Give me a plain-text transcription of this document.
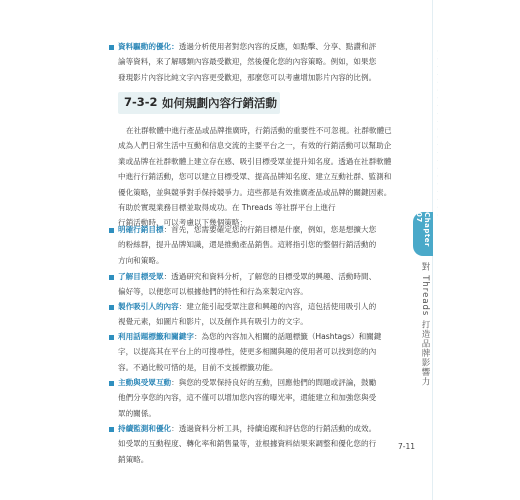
· · · · · · · · · · · · · · · · · · · · · ·
資料驅動的優化：透過分析使用者對您內容的反應，如點擊、分享、點讚和評
論等資料，來了解哪類內容最受歡迎，然後優化您的內容策略。例如，如果您
發現影片內容比純文字內容更受歡迎，那麼您可以考慮增加影片內容的比例。
7-3-2 如何規劃內容行銷活動
在社群軟體中進行產品或品牌推廣時，行銷活動的重要性不可忽視。社群軟體已
成為人們日常生活中互動和信息交流的主要平台之一，有效的行銷活動可以幫助企
業或品牌在社群軟體上建立存在感、吸引目標受眾並提升知名度。透過在社群軟體
中進行行銷活動，您可以建立目標受眾、提高品牌知名度、建立互動社群、監測和
優化策略，並與競爭對手保持競爭力。這些都是有效推廣產品或品牌的關鍵因素。
有助於實現業務目標並取得成功。在 Threads 等社群平台上進行
行銷活動時，可以考慮以下幾個策略：
明確行銷目標：首先，您需要確定您的行銷目標是什麼，例如，您是想擴大您
的粉絲群，提升品牌知識，還是推動產品銷售。這將指引您的整個行銷活動的
方向和策略。
了解目標受眾：透過研究和資料分析，了解您的目標受眾的興趣、活動時間、
偏好等，以便您可以根據他們的特性和行為來製定內容。
製作吸引人的內容：建立能引起受眾注意和興趣的內容，這包括使用吸引人的
視覺元素，如圖片和影片，以及創作具有吸引力的文字。
利用話題標籤和關鍵字：為您的內容加入相關的話題標籤（Hashtags）和關鍵
字，以提高其在平台上的可搜尋性，使更多相關與趣的使用者可以找到您的內
容。不過比較可惜的是，目前不支援標籤功能。
主動與受眾互動：與您的受眾保持良好的互動，回應他們的問題或評論，鼓勵
他們分享您的內容，這不僅可以增加您內容的曝光率，還能建立和加強您與受
眾的關係。
持續監測和優化：透過資料分析工具，持續追蹤和評估您的行銷活動的成效。
如受眾的互動程度、轉化率和銷售量等，並根據資料結果來調整和優化您的行
銷策略。
Chapter 07
對 Threads 打造品牌影響力
7-11
